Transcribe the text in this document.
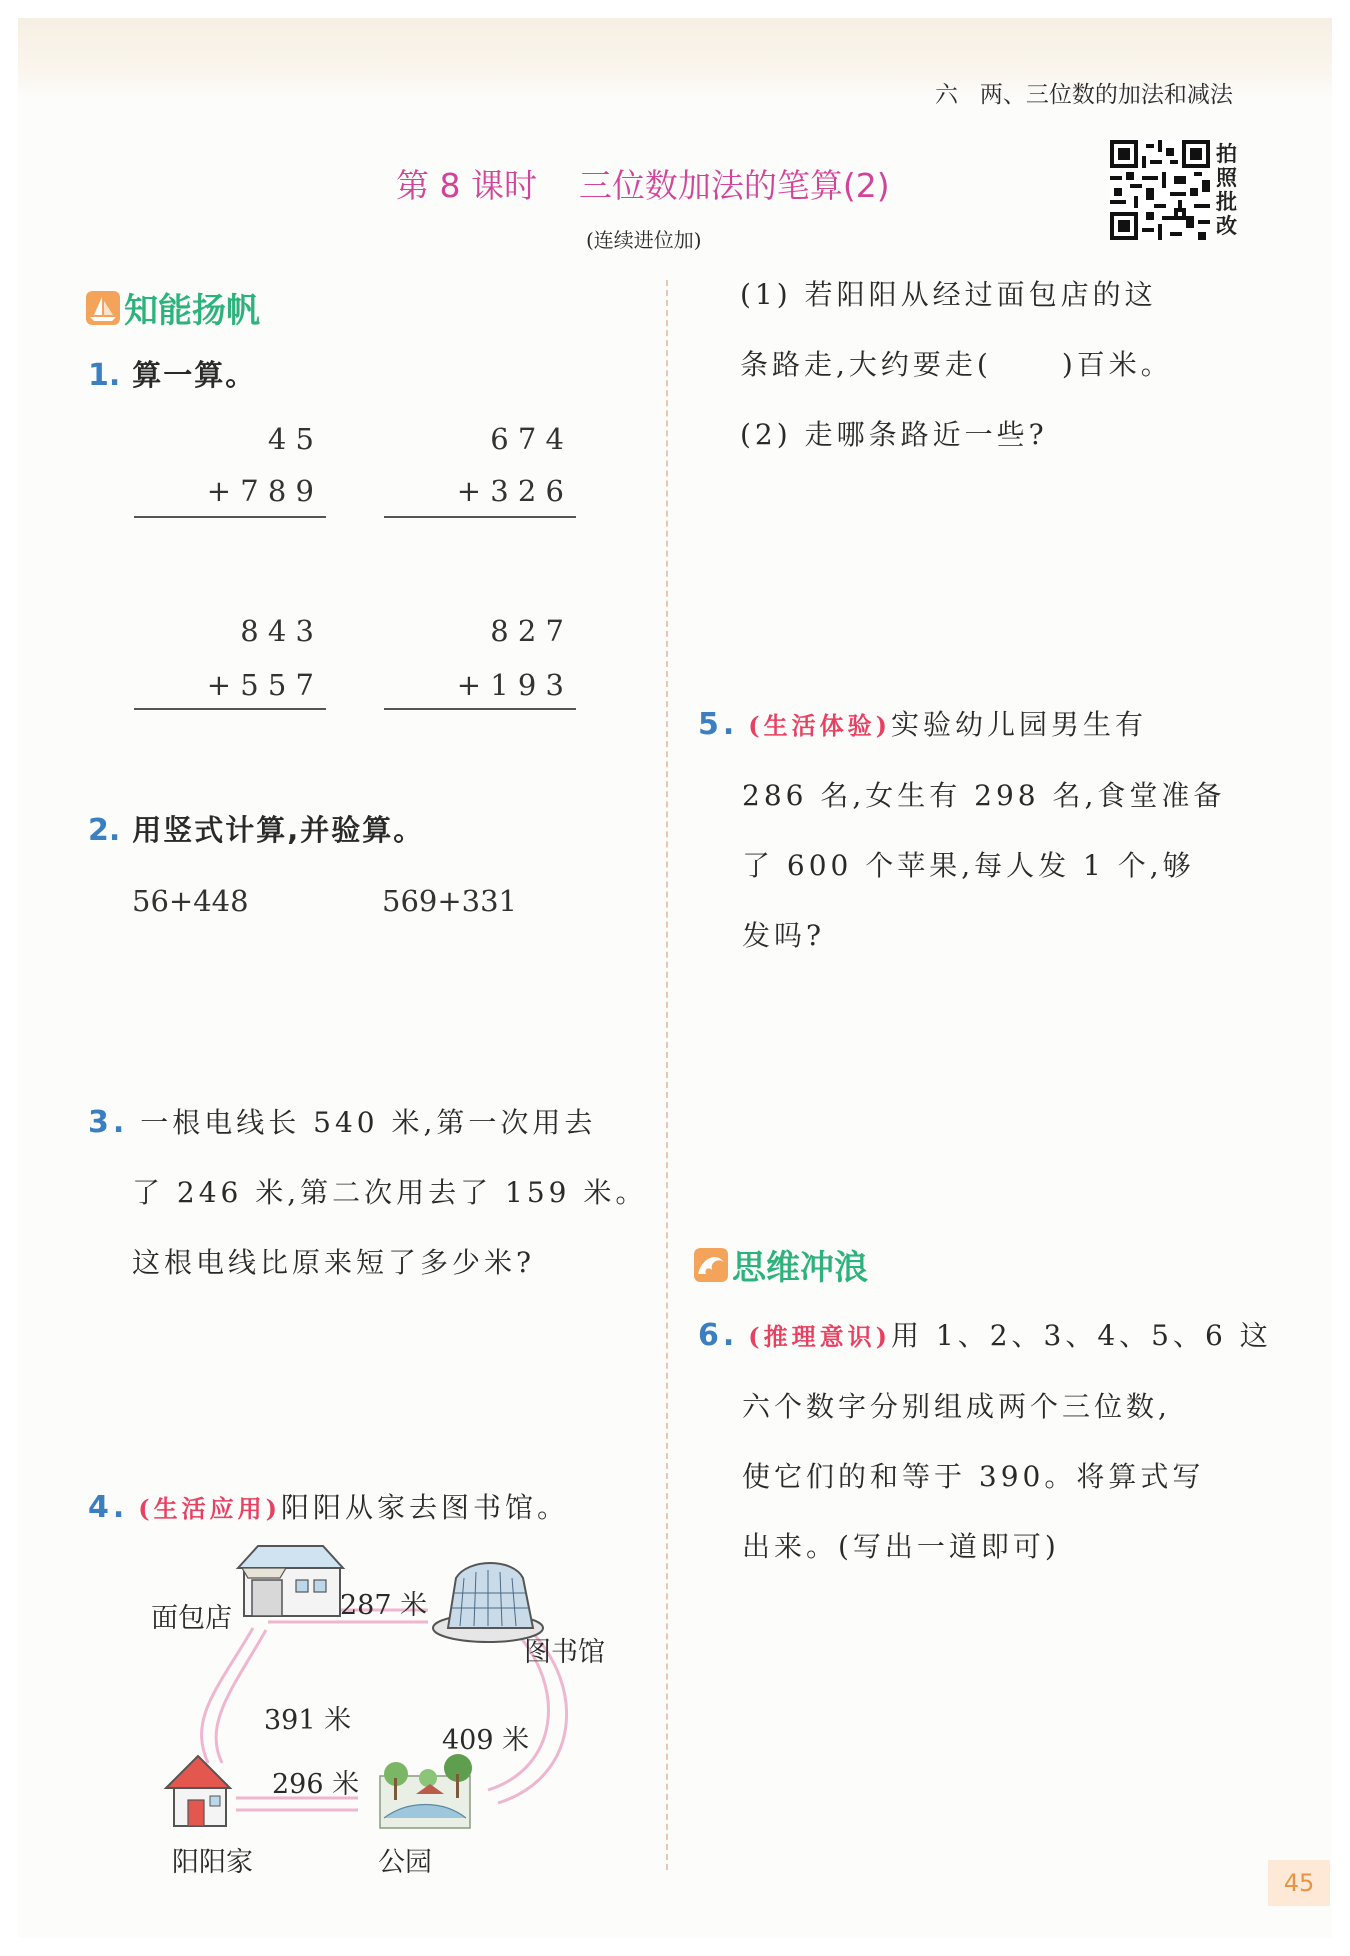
六   两、三位数的加法和减法
第 8 课时    三位数加法的笔算(2)
(连续进位加)
拍照批改
知能扬帆
1. 算一算。
4 5
+ 7 8 9
6 7 4
+ 3 2 6
8 4 3
+ 5 5 7
8 2 7
+ 1 9 3
2. 用竖式计算,并验算。
56+448	569+331
3. 一根电线长 540 米,第一次用去
了 246 米,第二次用去了 159 米。
这根电线比原来短了多少米?
4. (生活应用) 阳阳从家去图书馆。
面包店	287 米
图书馆
391 米
409 米
296 米
阳阳家	公园
(1) 若阳阳从经过面包店的这
条路走,大约要走(	)百米。
(2) 走哪条路近一些?
5. (生活体验) 实验幼儿园男生有
286 名,女生有 298 名,食堂准备
了 600 个苹果,每人发 1 个,够
发吗?
思维冲浪
6. (推理意识) 用 1、2、3、4、5、6 这
六个数字分别组成两个三位数,
使它们的和等于 390。将算式写
出来。(写出一道即可)
45
